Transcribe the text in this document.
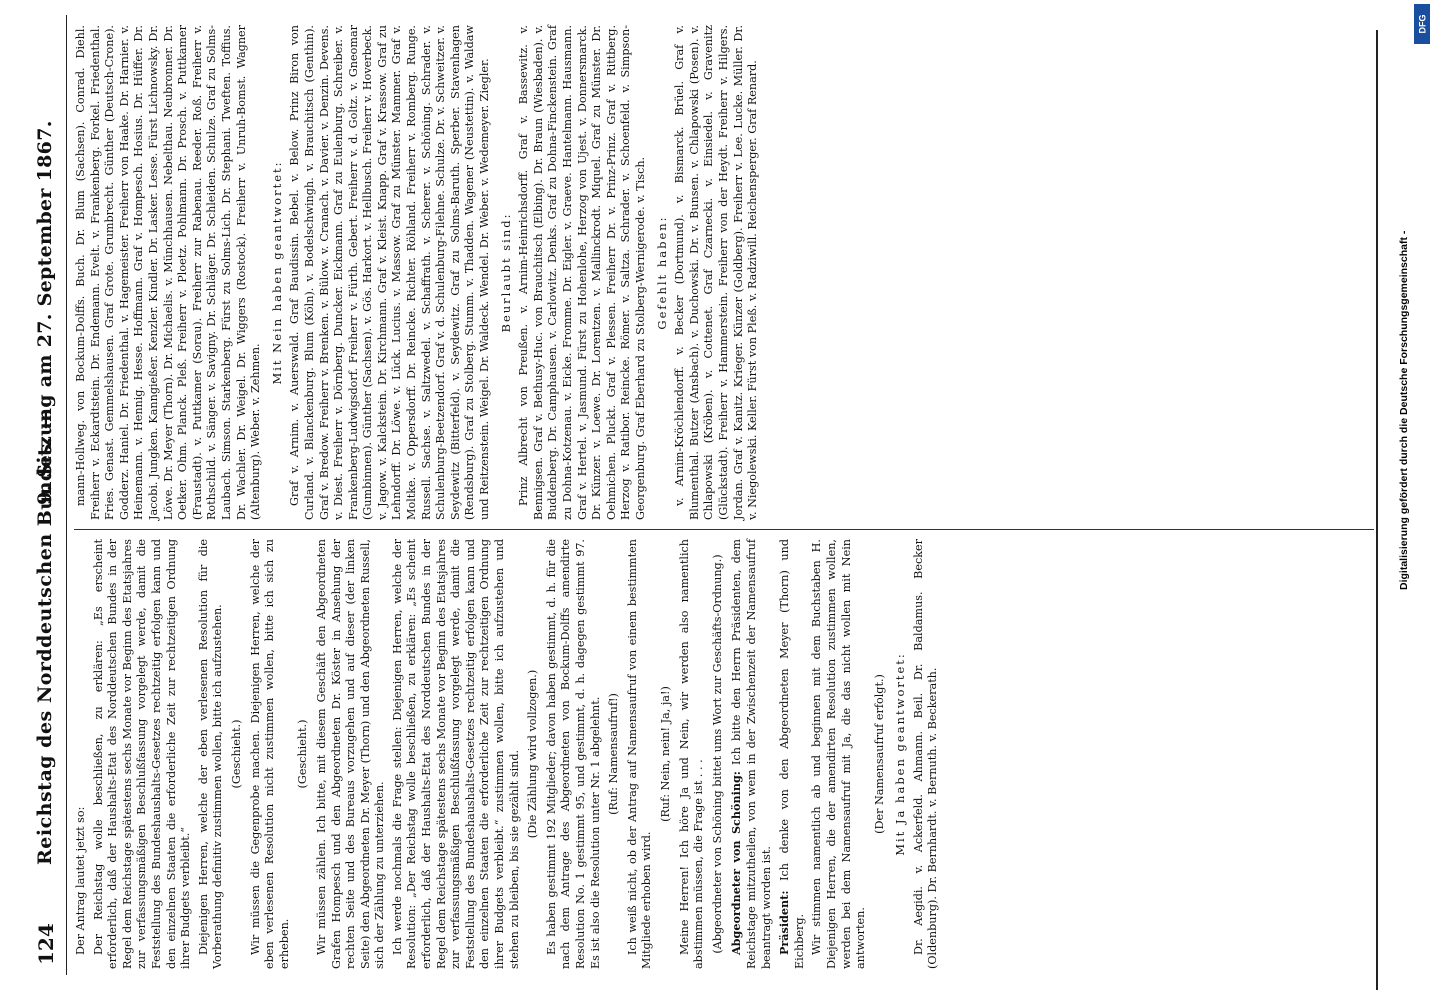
124
Reichstag des Norddeutschen Bundes. —
9. Sitzung am 27. September 1867.
Der Antrag lautet jetzt so: Der Reichstag wolle beschließen, zu erklären: „Es erscheint erforderlich, daß der Haushalts-Etat des Norddeutschen Bundes in der Regel dem Reichstage spätestens sechs Monate vor Beginn des Etatsjahres zur verfassungsmäßigen Beschlußfassung vorgelegt werde, damit die Feststellung des Bundeshaushalts-Gesetzes rechtzeitig erfolgen kann und den einzelnen Staaten die erforderliche Zeit zur rechtzeitigen Ordnung ihrer Budgets verbleibt.“ Diejenigen Herren, welche der eben verlesenen Resolution für die Vorberathung definitiv zustimmen wollen, bitte ich aufzustehen. (Geschieht.) Wir müssen die Gegenprobe machen. Diejenigen Herren, welche der eben verlesenen Resolution nicht zustimmen wollen, bitte ich sich zu erheben.
(Geschieht.) Wir müssen zählen. Ich bitte, mit diesem Geschäft den Abgeordneten Grafen Hompesch und den Abgeordneten Dr. Köster in Ansehung der rechten Seite und des Bureaus vorzugehen und auf dieser (der linken Seite) den Abgeordneten Dr. Meyer (Thorn) und den Abgeordneten Russell, sich der Zählung zu unterziehen. Ich werde nochmals die Frage stellen: Diejenigen Herren, welche der Resolution: „Der Reichstag wolle beschließen, zu erklären: „Es scheint erforderlich, daß der Haushalts-Etat des Norddeutschen Bundes in der Regel dem Reichstage spätestens sechs Monate vor Beginn des Etatsjahres zur verfassungsmäßigen Beschlußfassung vorgelegt werde, damit die Feststellung des Bundeshaushalts-Gesetzes rechtzeitig erfolgen kann und den einzelnen Staaten die erforderliche Zeit zur rechtzeitigen Ordnung ihrer Budgets verbleibt.“ zustimmen wollen, bitte ich aufzustehen und stehen zu bleiben, bis sie gezählt sind. (Die Zählung wird vollzogen.) Es haben gestimmt 192 Mitglieder; davon haben gestimmt, d. h. für die nach dem Antrage des Abgeordneten von Bockum-Dolffs amendirte Resolution No. 1 gestimmt 95, und gestimmt, d. h. dagegen gestimmt 97. Es ist also die Resolution unter Nr. 1 abgelehnt. (Ruf: Namensaufruf!) Ich weiß nicht, ob der Antrag auf Namensaufruf von einem bestimmten Mitgliede erhoben wird.
(Ruf: Nein, nein! Ja, ja!) Meine Herren! Ich höre Ja und Nein, wir werden also namentlich abstimmen müssen, die Frage ist . . . (Abgeordneter von Schöning bittet ums Wort zur Geschäfts-Ordnung.) Abgeordneter von Schöning: Ich bitte den Herrn Präsidenten, dem Reichstage mitzutheilen, von wem in der Zwischenzeit der Namensaufruf beantragt worden ist. Präsident: Ich denke von den Abgeordneten Meyer (Thorn) und Eichberg. Wir stimmen namentlich ab und beginnen mit dem Buchstaben H. Diejenigen Herren, die der amendirten Resolution zustimmen wollen, werden bei dem Namensaufruf mit Ja, die das nicht wollen mit Nein antworten.
(Der Namensaufruf erfolgt.) Mit Ja haben geantwortet: Dr. Aegidi. v. Ackerfeld. Ahmann. Beil. Dr. Baldamus. Becker (Oldenburg). Dr. Bernhardt. v. Bernuth. v. Beckerath.
mann-Hollweg. von Bockum-Dolffs. Buch. Dr. Blum (Sachsen). Conrad. Diehl. Freiherr v. Eckardtstein. Dr. Endemann. Evelt. v. Frankenberg. Forkel. Friedenthal. Fries. Genast. Gemmelshausen. Graf Grote. Grumbrecht. Günther (Deutsch-Crone). Godderz. Haniel. Dr. Friedenthal. v. Hagemeister. Freiherr von Haake. Dr. Harnier. v. Heinemann. v. Hennig. Hesse. Hoffmann. Graf v. Hompesch. Hosius. Dr. Hüffer. Dr. Jacobi. Jungken. Kanngießer. Kenzler. Kindler. Dr. Lasker. Lesse. Fürst Lichnowsky. Dr. Löwe. Dr. Meyer (Thorn). Dr. Michaelis. v. Münchhausen. Nebelthau. Neubronner. Dr. Oetker. Ohm. Planck. Pleß. Freiherr v. Ploetz. Pohlmann. Dr. Prosch. v. Puttkamer (Fraustadt). v. Puttkamer (Sorau). Freiherr zur Rabenau. Reeder. Roß. Freiherr v. Rothschild. v. Sänger. v. Savigny. Dr. Schläger. Dr. Schleiden. Schulze. Graf zu Solms-Laubach. Simson. Starkenberg. Fürst zu Solms-Lich. Dr. Stephani. Tweften. Toffius. Dr. Wachler. Dr. Weigel. Dr. Wiggers (Rostock). Freiherr v. Unruh-Bomst. Wagner (Altenburg). Weber. v. Zehmen.
Mit Nein haben geantwortet: Graf v. Arnim. v. Auerswald. Graf Baudissin. Bebel. v. Below. Prinz Biron von Curland. v. Blanckenburg. Blum (Köln). v. Bodelschwingh. v. Brauchitsch (Genthin). Graf v. Bredow. Freiherr v. Brenken. v. Bülow. v. Cranach. v. Davier. v. Denzin. Devens. v. Diest. Freiherr v. Dörnberg. Duncker. Eickmann. Graf zu Eulenburg. Schreiber. v. Frankenberg-Ludwigsdorf. Freiherr v. Fürth. Gebert. Freiherr v. d. Goltz. v. Gneomar (Gumbinnen). Günther (Sachsen). v. Gös. Harkort. v. Hellbusch. Freiherr v. Hoverbeck. v. Jagow. v. Kalckstein. Dr. Kirchmann. Graf v. Kleist. Knapp. Graf v. Krassow. Graf zu Lehndorff. Dr. Löwe. v. Lück. Lucius. v. Massow. Graf zu Münster. Mammer. Graf v. Moltke. v. Oppersdorff. Dr. Reincke. Richter. Röhland. Freiherr v. Romberg. Runge. Russell. Sachse. v. Saltzwedel. v. Schaffrath. v. Scherer. v. Schöning. Schrader. v. Schulenburg-Beetzendorf. Graf v. d. Schulenburg-Filehne. Schulze. Dr. v. Schweitzer. v. Seydewitz (Bitterfeld). v. Seydewitz. Graf zu Solms-Baruth. Sperber. Stavenhagen (Rendsburg). Graf zu Stolberg. Stumm. v. Thadden. Wagener (Neustettin). v. Waldaw und Reitzenstein. Weigel. Dr. Waldeck. Wendel. Dr. Weber. v. Wedemeyer. Ziegler. Beurlaubt sind: Prinz Albrecht von Preußen. v. Arnim-Heinrichsdorff. Graf v. Bassewitz. v. Bennigsen. Graf v. Bethusy-Huc. von Brauchitsch (Elbing). Dr. Braun (Wiesbaden). v. Buddenberg. Dr. Camphausen. v. Carlowitz. Denks. Graf zu Dohna-Finckenstein. Graf zu Dohna-Kotzenau. v. Eicke. Fromme. Dr. Eigler. v. Graeve. Hantelmann. Hausmann. Graf v. Hertel. v. Jasmund. Fürst zu Hohenlohe, Herzog von Ujest. v. Donnersmarck. Dr. Künzer. v. Loewe. Dr. Lorentzen. v. Mallinckrodt. Miquel. Graf zu Münster. Dr. Oehmichen. Pluckt. Graf v. Plessen. Freiherr Dr. v. Prinz-Prinz. Graf v. Rittberg. Herzog v. Ratibor. Reincke. Römer. v. Saltza. Schrader. v. Schoenfeld. v. Simpson-Georgenburg. Graf Eberhard zu Stolberg-Wernigerode. v. Tisch. Gefehlt haben: v. Arnim-Kröchlendorff. v. Becker (Dortmund). v. Bismarck. Brüel. Graf v. Blumenthal. Butzer (Ansbach). v. Duchowski. Dr. v. Bunsen. v. Chlapowski (Posen). v. Chlapowski (Kröben). v. Cottenet. Graf Czarnecki. v. Einsiedel. v. Gravenitz (Glückstadt). Freiherr v. Hammerstein. Freiherr von der Heydt. Freiherr v. Hilgers. Jordan. Graf v. Kanitz. Krieger. Künzer (Goldberg). Freiherr v. Lee. Lucke. Müller. Dr. v. Niegolewski. Keller. Fürst von Pleß. v. Radziwill. Reichensperger. Graf Renard.	Digitalisierung gefördert durch die Deutsche Forschungsgemeinschaft -
DFG
